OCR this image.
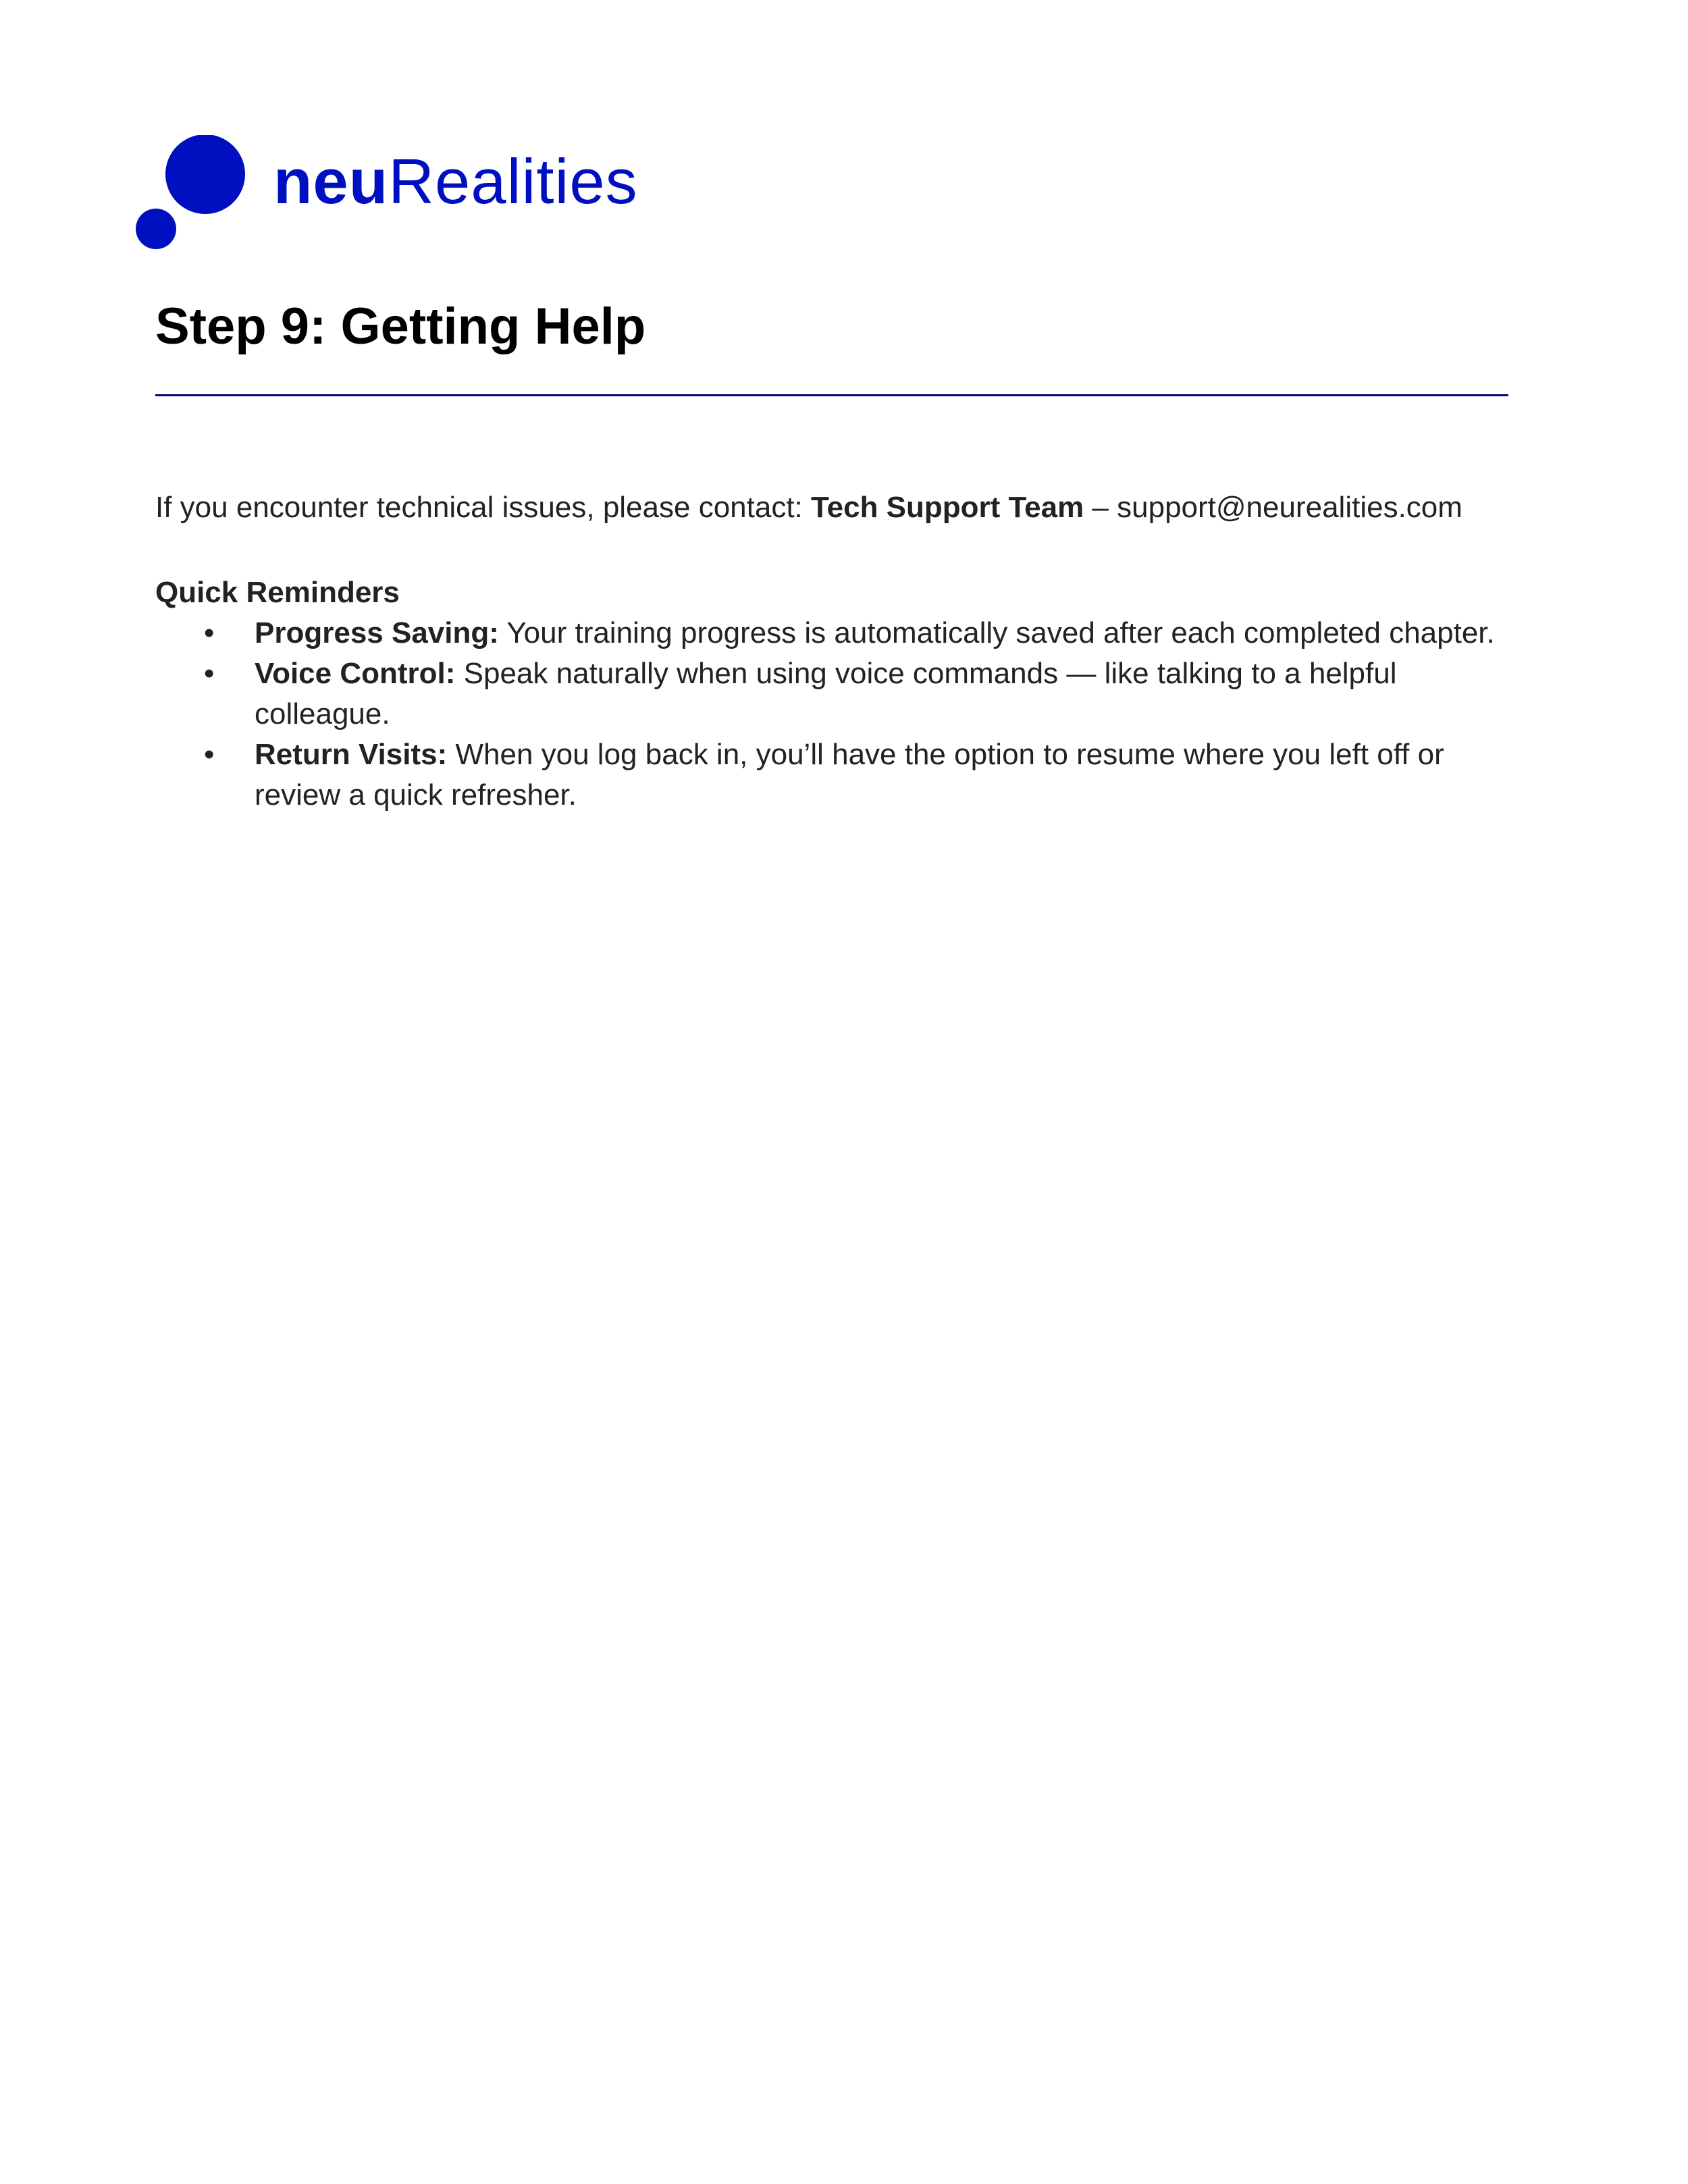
neuRealities
Step 9: Getting Help

If you encounter technical issues, please contact: Tech Support Team – support@neurealities.com

Quick Reminders

• Progress Saving: Your training progress is automatically saved after each completed chapter.
• Voice Control: Speak naturally when using voice commands — like talking to a helpful colleague.
• Return Visits: When you log back in, you’ll have the option to resume where you left off or review a quick refresher.
